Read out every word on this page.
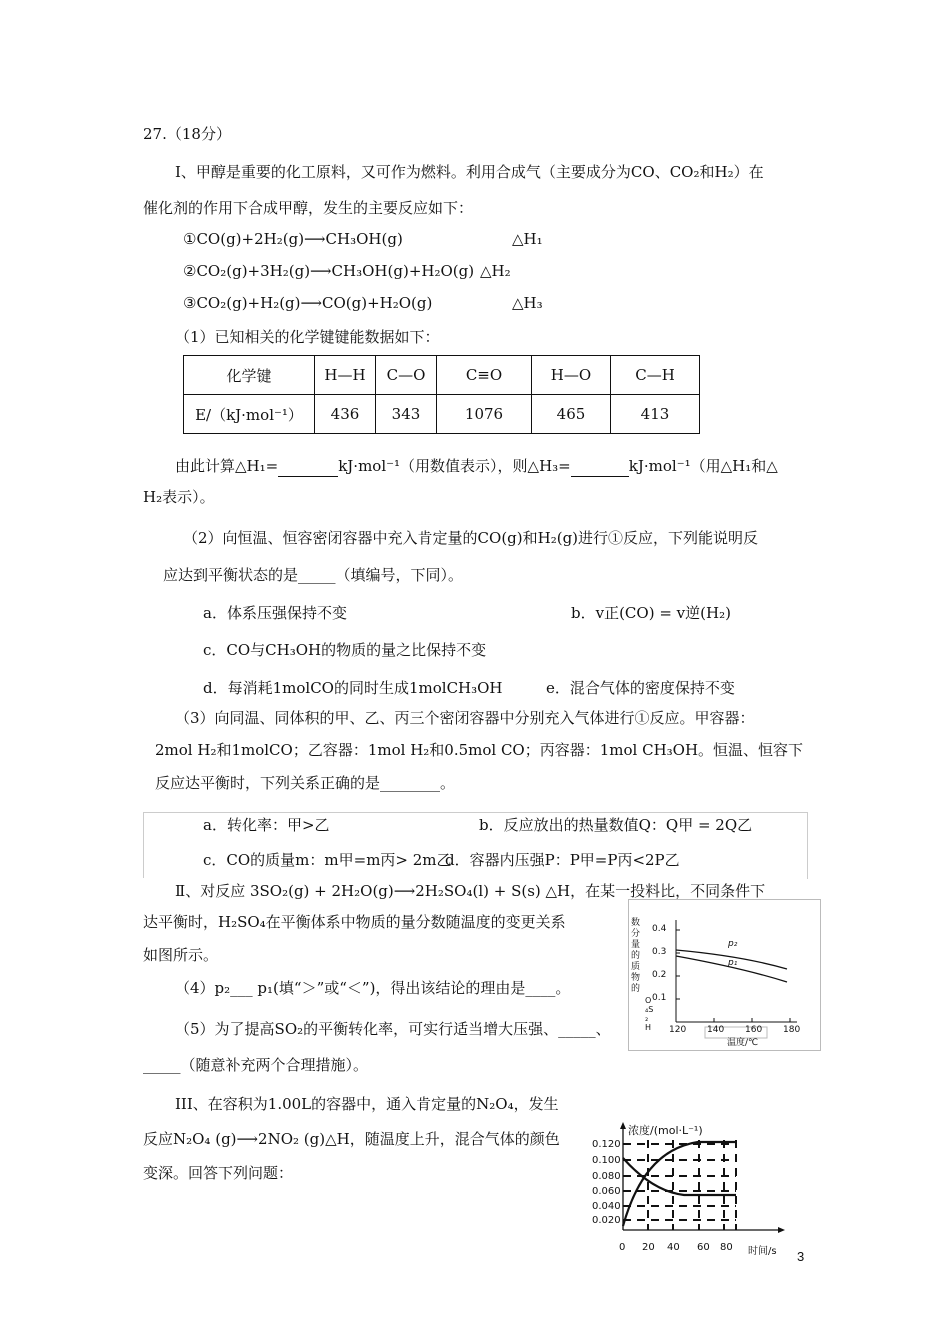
27.（18分）
Ⅰ、甲醇是重要的化工原料，又可作为燃料。利用合成气（主要成分为CO、CO₂和H₂）在
催化剂的作用下合成甲醇，发生的主要反应如下：
①CO(g)+2H₂(g)⟶CH₃OH(g)	△H₁
②CO₂(g)+3H₂(g)⟶CH₃OH(g)+H₂O(g) △H₂
③CO₂(g)+H₂(g)⟶CO(g)+H₂O(g)	△H₃
（1）已知相关的化学键键能数据如下：
化学键	H—H	C—O	C≡O	H—O	C—H
E/（kJ·mol⁻¹）	436	343	1076	465	413
由此计算△H₁=	kJ·mol⁻¹（用数值表示），则△H₃=	kJ·mol⁻¹（用△H₁和△
H₂表示）。
（2）向恒温、恒容密闭容器中充入肯定量的CO(g)和H₂(g)进行①反应，下列能说明反
应达到平衡状态的是_____（填编号，下同）。
a．体系压强保持不变	b．v正(CO) = v逆(H₂)
c．CO与CH₃OH的物质的量之比保持不变
d．每消耗1molCO的同时生成1molCH₃OH	e．混合气体的密度保持不变
（3）向同温、同体积的甲、乙、丙三个密闭容器中分别充入气体进行①反应。甲容器：
2mol H₂和1molCO；乙容器：1mol H₂和0.5mol CO；丙容器：1mol CH₃OH。恒温、恒容下
反应达平衡时，下列关系正确的是________。
a．转化率：甲>乙	b．反应放出的热量数值Q：Q甲 = 2Q乙
c．CO的质量m：m甲=m丙> 2m乙
d．容器内压强P：P甲=P丙<2P乙
Ⅱ、对反应 3SO₂(g) + 2H₂O(g)⟶2H₂SO₄(l) + S(s) △H，在某一投料比，不同条件下
达平衡时，H₂SO₄在平衡体系中物质的量分数随温度的变更关系
如图所示。
（4）p₂___ p₁(填“＞”或“＜”)，得出该结论的理由是____。
（5）为了提高SO₂的平衡转化率，可实行适当增大压强、_____、
_____（随意补充两个合理措施）。
0.4
0.3
0.2
0.1
120 140 160 180
数分量的质物的
O₄S₂H
p₂
p₁
温度/℃
III、在容积为1.00L的容器中，通入肯定量的N₂O₄，发生
反应N₂O₄ (g)⟶2NO₂ (g)△H，随温度上升，混合气体的颜色
变深。回答下列问题：
浓度/(mol·L⁻¹)
0.120
0.100
0.080
0.060
0.040
0.020
0 20 40 60 80 时间/s 3
